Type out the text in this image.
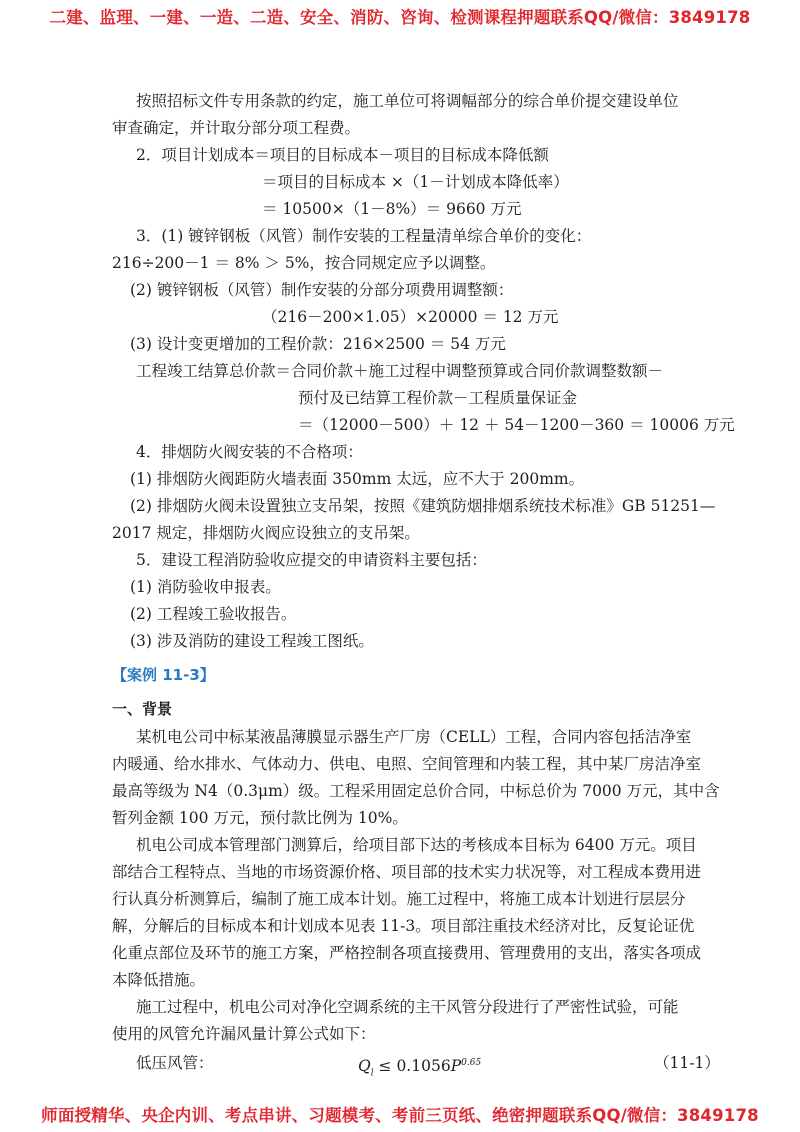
二建、监理、一建、一造、二造、安全、消防、咨询、检测课程押题联系QQ/微信：3849178
按照招标文件专用条款的约定，施工单位可将调幅部分的综合单价提交建设单位
审查确定，并计取分部分项工程费。
2．项目计划成本＝项目的目标成本－项目的目标成本降低额
＝项目的目标成本 ×（1－计划成本降低率）
＝ 10500×（1－8%）＝ 9660 万元
3．(1) 镀锌钢板（风管）制作安装的工程量清单综合单价的变化：
216÷200－1 ＝ 8% ＞ 5%，按合同规定应予以调整。
(2) 镀锌钢板（风管）制作安装的分部分项费用调整额：
（216－200×1.05）×20000 ＝ 12 万元
(3) 设计变更增加的工程价款：216×2500 ＝ 54 万元
工程竣工结算总价款＝合同价款＋施工过程中调整预算或合同价款调整数额－
预付及已结算工程价款－工程质量保证金
＝（12000－500）＋ 12 ＋ 54－1200－360 ＝ 10006 万元
4．排烟防火阀安装的不合格项：
(1) 排烟防火阀距防火墙表面 350mm 太远，应不大于 200mm。
(2) 排烟防火阀未设置独立支吊架，按照《建筑防烟排烟系统技术标准》GB 51251—
2017 规定，排烟防火阀应设独立的支吊架。
5．建设工程消防验收应提交的申请资料主要包括：
(1) 消防验收申报表。
(2) 工程竣工验收报告。
(3) 涉及消防的建设工程竣工图纸。
【案例 11-3】
一、背景
某机电公司中标某液晶薄膜显示器生产厂房（CELL）工程，合同内容包括洁净室
内暖通、给水排水、气体动力、供电、电照、空间管理和内装工程，其中某厂房洁净室
最高等级为 N4（0.3μm）级。工程采用固定总价合同，中标总价为 7000 万元，其中含
暂列金额 100 万元，预付款比例为 10%。
机电公司成本管理部门测算后，给项目部下达的考核成本目标为 6400 万元。项目
部结合工程特点、当地的市场资源价格、项目部的技术实力状况等，对工程成本费用进
行认真分析测算后，编制了施工成本计划。施工过程中，将施工成本计划进行层层分
解，分解后的目标成本和计划成本见表 11-3。项目部注重技术经济对比，反复论证优
化重点部位及环节的施工方案，严格控制各项直接费用、管理费用的支出，落实各项成
本降低措施。
施工过程中，机电公司对净化空调系统的主干风管分段进行了严密性试验，可能
使用的风管允许漏风量计算公式如下：
低压风管：	$Q_l \le 0.1056P^{0.65}$	（11-1）
师面授精华、央企内训、考点串讲、习题模考、考前三页纸、绝密押题联系QQ/微信：3849178
